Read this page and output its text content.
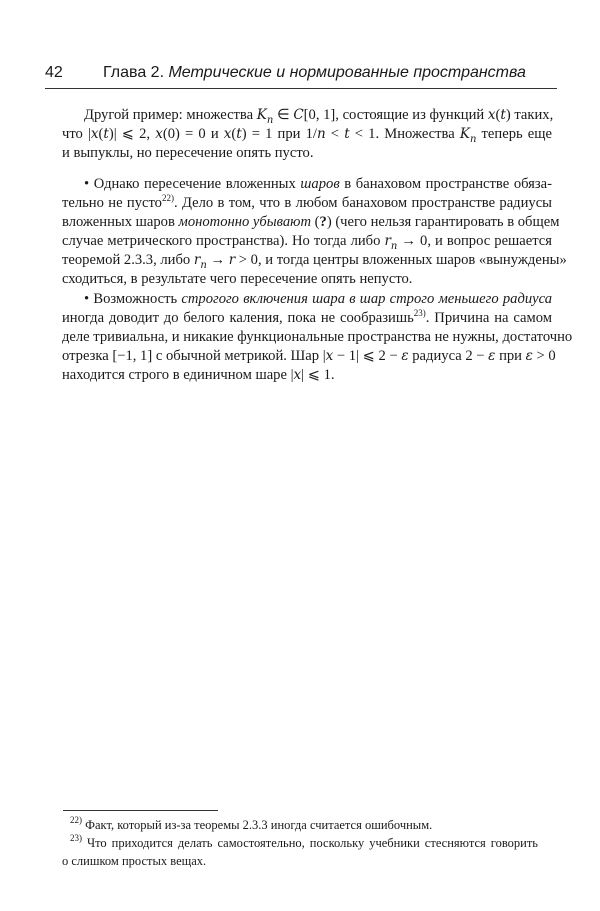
42	Глава 2. Метрические и нормированные пространства
Другой пример: множества $K_n$ ∈ C[0, 1], состоящие из функций x(t) таких,
что |x(t)| ⩽ 2, x(0) = 0 и x(t) = 1 при 1/n < t < 1. Множества $K_n$ теперь еще
и выпуклы, но пересечение опять пусто.
• Однако пересечение вложенных шаров в банаховом пространстве обяза-
тельно не пусто$^{22)}$. Дело в том, что в любом банаховом пространстве радиусы
вложенных шаров монотонно убывают (?) (чего нельзя гарантировать в общем
случае метрического пространства). Но тогда либо $r_n \to 0$, и вопрос решается
теоремой 2.3.3, либо $r_n \to r > 0$, и тогда центры вложенных шаров «вынуждены»
сходиться, в результате чего пересечение опять непусто.
• Возможность строгого включения шара в шар строго меньшего радиуса
иногда доводит до белого каления, пока не сообразишь$^{23)}$. Причина на самом
деле тривиальна, и никакие функциональные пространства не нужны, достаточно
отрезка [−1, 1] с обычной метрикой. Шар |x − 1| ⩽ 2 − ε радиуса 2 − ε при ε > 0
находится строго в единичном шаре |x| ⩽ 1.
$^{22)}$ Факт, который из-за теоремы 2.3.3 иногда считается ошибочным.
$^{23)}$ Что приходится делать самостоятельно, поскольку учебники стесняются говорить
о слишком простых вещах.
